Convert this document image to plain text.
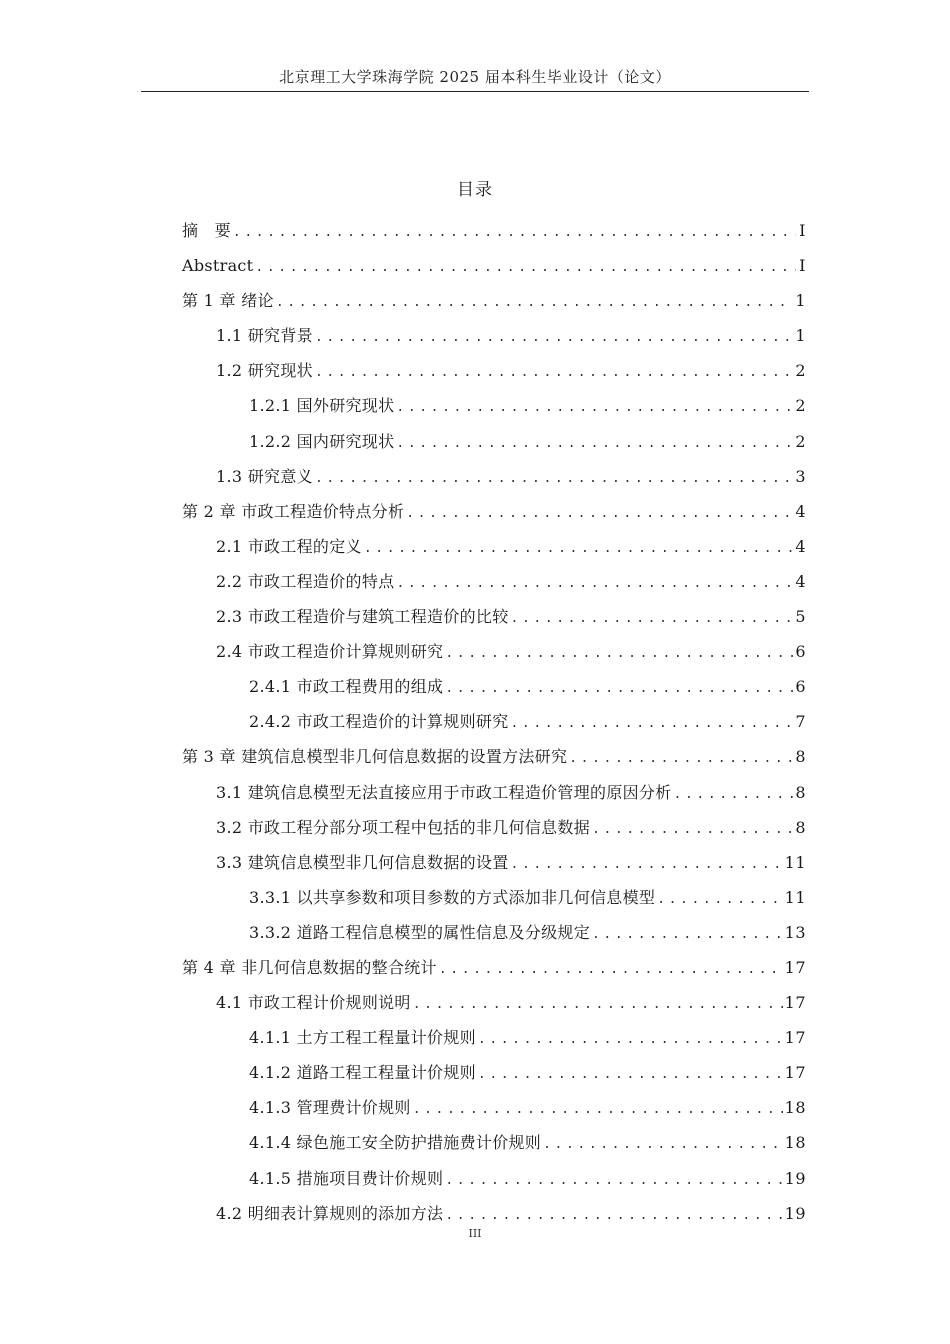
北京理工大学珠海学院 2025 届本科生毕业设计（论文）
目录
摘　要 .....	I
Abstract .....	I
第 1 章 绪论 .....	1
1.1 研究背景 .....	1
1.2 研究现状 .....	2
1.2.1 国外研究现状 .....	2
1.2.2 国内研究现状 .....	2
1.3 研究意义 .....	3
第 2 章 市政工程造价特点分析 .....	4
2.1 市政工程的定义 .....	4
2.2 市政工程造价的特点 .....	4
2.3 市政工程造价与建筑工程造价的比较 .....	5
2.4 市政工程造价计算规则研究 .....	6
2.4.1 市政工程费用的组成 .....	6
2.4.2 市政工程造价的计算规则研究 .....	7
第 3 章 建筑信息模型非几何信息数据的设置方法研究 .....	8
3.1 建筑信息模型无法直接应用于市政工程造价管理的原因分析 .....	8
3.2 市政工程分部分项工程中包括的非几何信息数据 .....	8
3.3 建筑信息模型非几何信息数据的设置 .....	11
3.3.1 以共享参数和项目参数的方式添加非几何信息模型 .....	11
3.3.2 道路工程信息模型的属性信息及分级规定 .....	13
第 4 章 非几何信息数据的整合统计 .....	17
4.1 市政工程计价规则说明 .....	17
4.1.1 土方工程工程量计价规则 .....	17
4.1.2 道路工程工程量计价规则 .....	17
4.1.3 管理费计价规则 .....	18
4.1.4 绿色施工安全防护措施费计价规则 .....	18
4.1.5 措施项目费计价规则 .....	19
4.2 明细表计算规则的添加方法 .....	19
III
